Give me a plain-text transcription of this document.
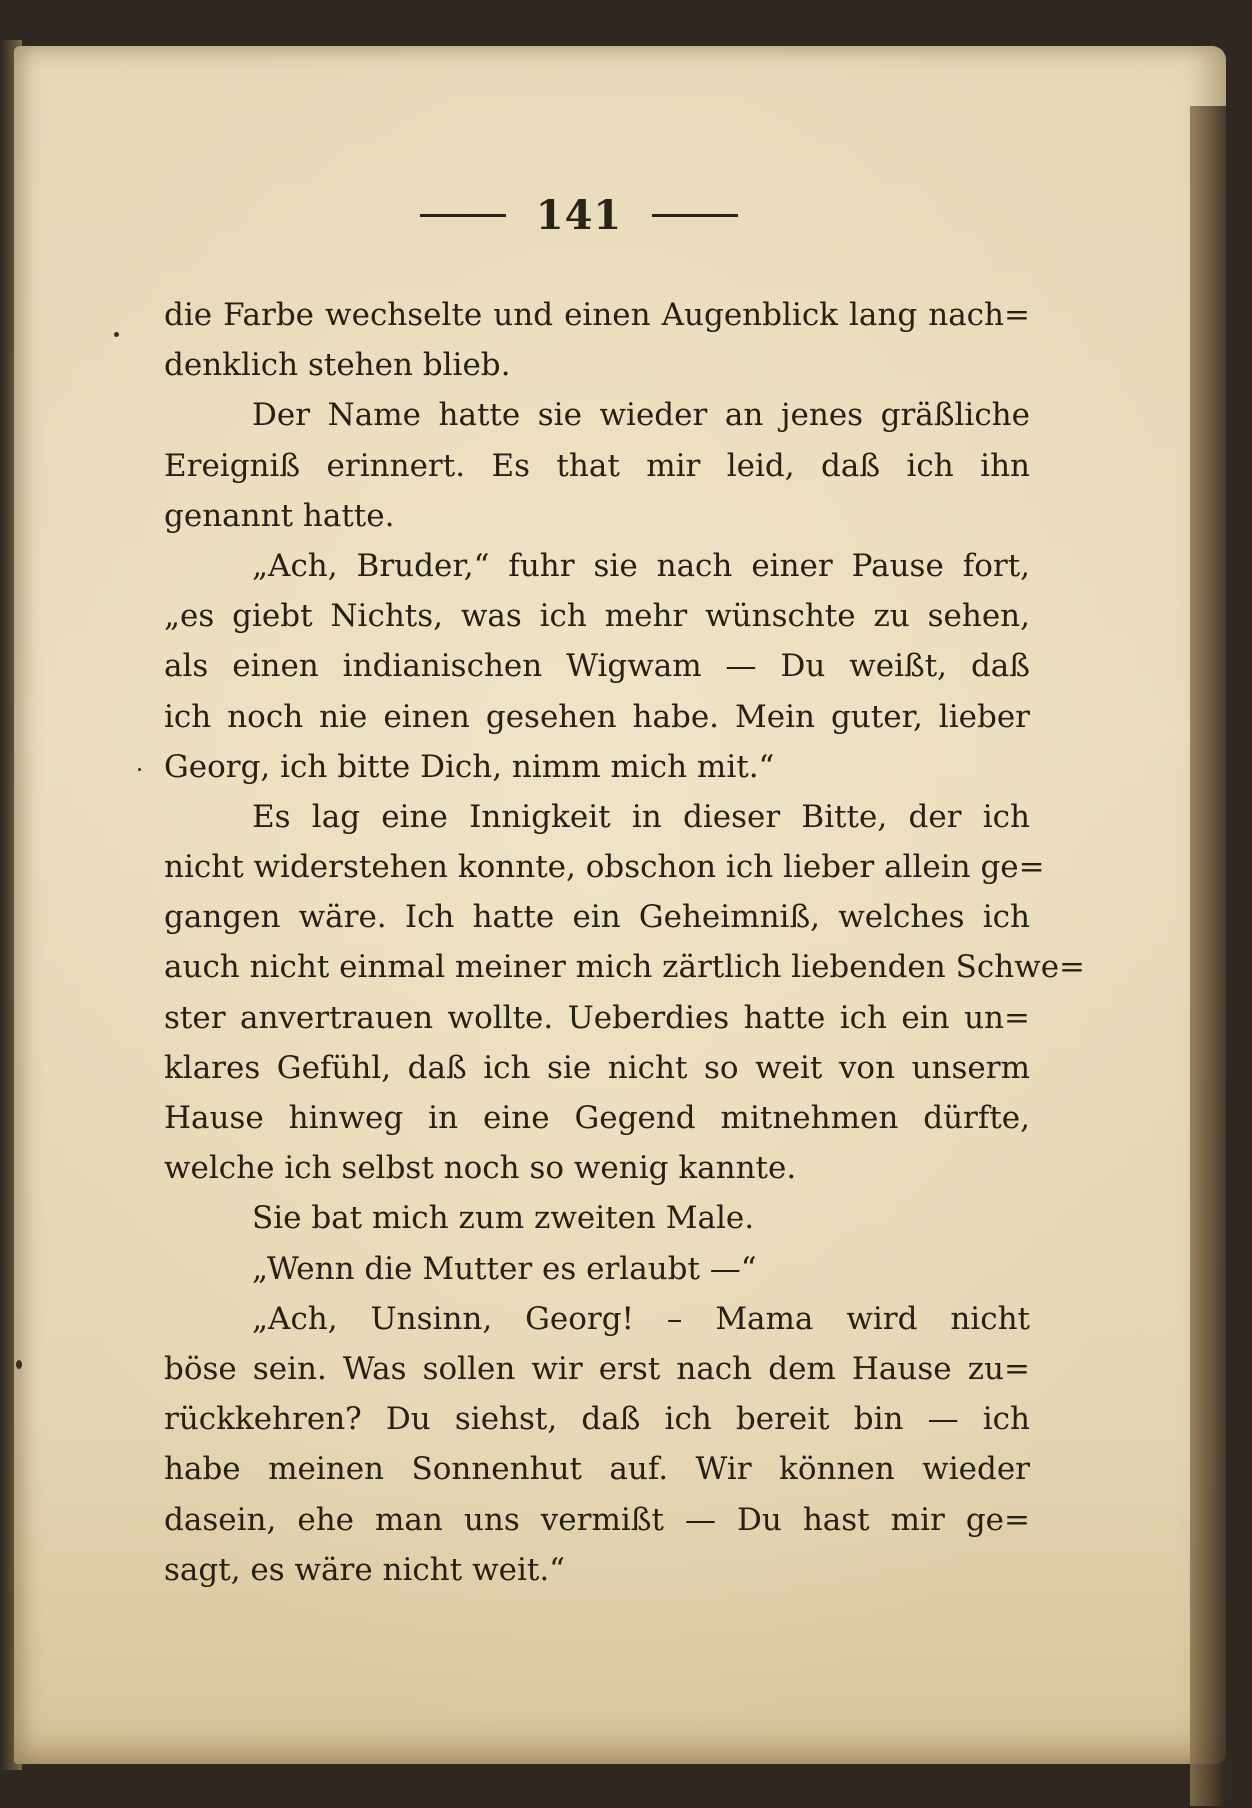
141
die Farbe wechselte und einen Augenblick lang nach=
denklich stehen blieb.
Der Name hatte sie wieder an jenes gräßliche
Ereigniß erinnert. Es that mir leid, daß ich ihn
genannt hatte.
„Ach, Bruder,“ fuhr sie nach einer Pause fort,
„es giebt Nichts, was ich mehr wünschte zu sehen,
als einen indianischen Wigwam — Du weißt, daß
ich noch nie einen gesehen habe. Mein guter, lieber
Georg, ich bitte Dich, nimm mich mit.“
Es lag eine Innigkeit in dieser Bitte, der ich
nicht widerstehen konnte, obschon ich lieber allein ge=
gangen wäre. Ich hatte ein Geheimniß, welches ich
auch nicht einmal meiner mich zärtlich liebenden Schwe=
ster anvertrauen wollte. Ueberdies hatte ich ein un=
klares Gefühl, daß ich sie nicht so weit von unserm
Hause hinweg in eine Gegend mitnehmen dürfte,
welche ich selbst noch so wenig kannte.
Sie bat mich zum zweiten Male.
„Wenn die Mutter es erlaubt —“
„Ach, Unsinn, Georg! – Mama wird nicht
böse sein. Was sollen wir erst nach dem Hause zu=
rückkehren? Du siehst, daß ich bereit bin — ich
habe meinen Sonnenhut auf. Wir können wieder
dasein, ehe man uns vermißt — Du hast mir ge=
sagt, es wäre nicht weit.“
